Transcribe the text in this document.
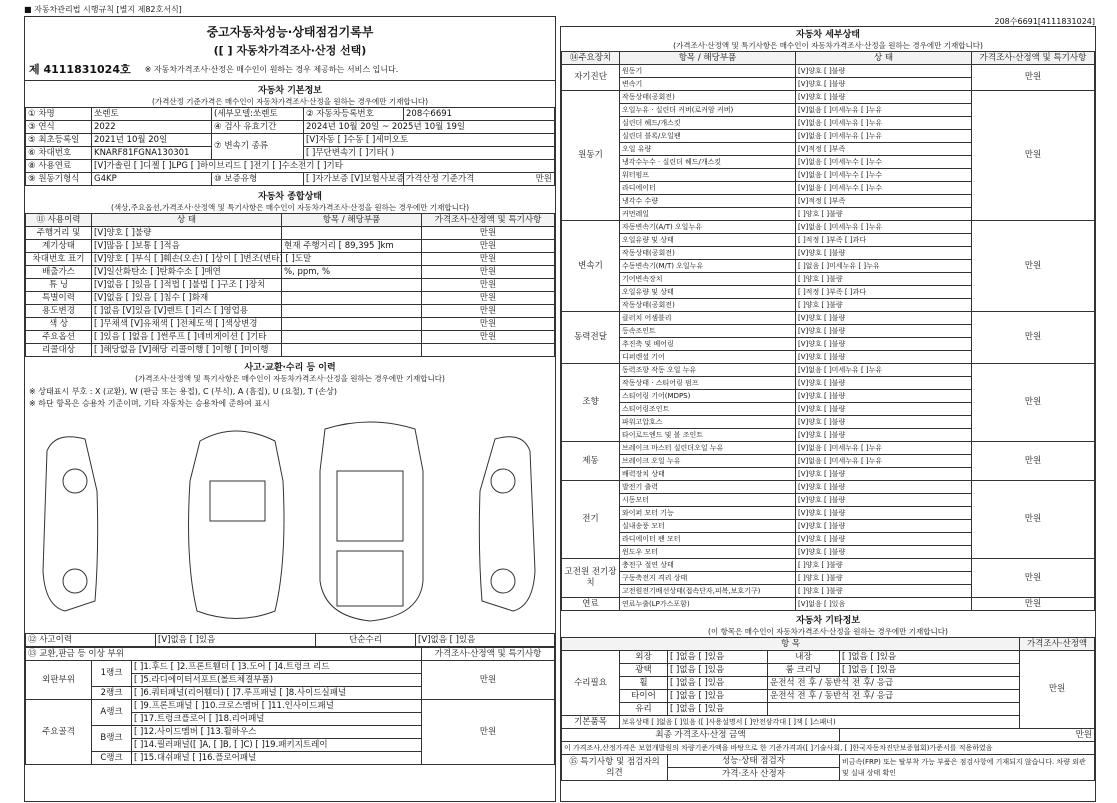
■ 자동차관리법 시행규칙 [별지 제82호서식]
208수6691[4111831024]
중고자동차성능·상태점검기록부
([ ] 자동차가격조사·산정 선택)
제 4111831024호 ※ 자동차가격조사·산정은 매수인이 원하는 경우 제공하는 서비스 입니다.
자동차 기본정보
(가격산정 기준가격은 매수인이 자동차가격조사·산정을 원하는 경우에만 기재합니다)
① 차명	쏘렌토	(세부모델:쏘렌토	② 자동차등록번호	208수6691
③ 연식	2022	④ 검사 유효기간	2024년 10월 20일 ~ 2025년 10월 19일	
⑤ 최초등록일	2021년 10월 20일	⑦ 변속기 종류	[V]자동 [ ]수동 [ ]세미오토	
⑥ 차대번호	KNARF81FGNA130301		[ ]무단변속기 [ ]기타( )	
⑧ 사용연료	[V]가솔린 [ ]디젤 [ ]LPG [ ]하이브리드 [ ]전기 [ ]수소전기 [ ]기타			
⑨ 원동기형식	G4KP	⑩ 보증유형	[ ]자가보증 [V]보험사보증	가격산정 기준가격 만원
자동차 종합상태
(색상,주요옵션,가격조사·산정액 및 특기사항은 매수인이 자동차가격조사·산정을 원하는 경우에만 기재합니다)
⑪ 사용이력	상 태	항목 / 해당부품	가격조사·산정액 및 특기사항
주행거리 및	[V]양호 [ ]불량		만원
계기상태	[V]많음 [ ]보통 [ ]적음	현재 주행거리 [ 89,395 ]km	만원
차대번호 표기	[V]양호 [ ]부식 [ ]훼손(오손) [ ]상이 [ ]변조(변타) [ ]도말		만원
배출가스	[V]일산화탄소 [ ]탄화수소 [ ]매연	%, ppm, %	만원
튜 닝	[V]없음 [ ]있음 [ ]적법 [ ]불법 [ ]구조 [ ]장치		만원
특별이력	[V]없음 [ ]있음 [ ]침수 [ ]화재		만원
용도변경	[ ]없음 [V]있음 [V]렌트 [ ]리스 [ ]영업용		만원
색 상	[ ]무채색 [V]유채색 [ ]전체도색 [ ]색상변경		만원
주요옵션	[ ]있음 [ ]없음 [ ]썬루프 [ ]네비게이션 [ ]기타		만원
리콜대상	[ ]해당없음 [V]해당 리콜이행 [ ]이행 [ ]미이행		
사고·교환·수리 등 이력
(가격조사·산정액 및 특기사항은 매수인이 자동차가격조사·산정을 원하는 경우에만 기재합니다)
※ 상태표시 부호 : X (교환), W (판금 또는 용접), C (부식), A (흠집), U (요철), T (손상)
※ 하단 항목은 승용차 기준이며, 기타 자동차는 승용차에 준하여 표시
⑫ 사고이력	[V]없음 [ ]있음	단순수리	[V]없음 [ ]있음
⑬ 교환,판금 등 이상 부위			가격조사·산정액 및 특기사항
외판부위	1랭크	[ ]1.후드 [ ]2.프론트휀더 [ ]3.도어 [ ]4.트렁크 리드	만원
		[ ]5.라디에이터서포트(볼트체결부품)	
	2랭크	[ ]6.쿼터패널(리어휀더) [ ]7.루프패널 [ ]8.사이드실패널	
주요골격	A랭크	[ ]9.프론트패널 [ ]10.크로스멤버 [ ]11.인사이드패널	만원
		[ ]17.트렁크플로어 [ ]18.리어패널	
	B랭크	[ ]12.사이드멤버 [ ]13.휠하우스	
		[ ]14.필러패널([ ]A, [ ]B, [ ]C) [ ]19.패키지트레이	
	C랭크	[ ]15.대쉬패널 [ ]16.플로어패널	
자동차 세부상태
(가격조사·산정액 및 특기사항은 매수인이 자동차가격조사·산정을 원하는 경우에만 기재합니다)
⑭주요장치	항목 / 해당부품	상 태	가격조사·산정액 및 특기사항
자기진단	원동기	[V]양호 [ ]불량	만원
	변속기	[V]양호 [ ]불량	
원동기	작동상태(공회전)	[V]양호 [ ]불량	만원
	오일누유 · 실린더 커버(로커암 커버)	[V]없음 [ ]미세누유 [ ]누유	
	실린더 헤드/개스킷	[V]없음 [ ]미세누유 [ ]누유	
	실린더 블록/오일팬	[V]없음 [ ]미세누유 [ ]누유	
	오일 유량	[V]적정 [ ]부족	
	냉각수누수 · 실린더 헤드/개스킷	[V]없음 [ ]미세누수 [ ]누수	
	워터펌프	[V]없음 [ ]미세누수 [ ]누수	
	라디에이터	[V]없음 [ ]미세누수 [ ]누수	
	냉각수 수량	[V]적정 [ ]부족	
	커먼레일	[ ]양호 [ ]불량	
변속기	자동변속기(A/T) 오일누유	[V]없음 [ ]미세누유 [ ]누유	만원
	오일유량 및 상태	[ ]적정 [ ]부족 [ ]과다	
	작동상태(공회전)	[V]양호 [ ]불량	
	수동변속기(M/T) 오일누유	[ ]없음 [ ]미세누유 [ ]누유	
	기어변속장치	[ ]양호 [ ]불량	
	오일유량 및 상태	[ ]적정 [ ]부족 [ ]과다	
	작동상태(공회전)	[ ]양호 [ ]불량	
동력전달	클러치 어셈블리	[V]양호 [ ]불량	만원
	등속조인트	[V]양호 [ ]불량	
	추진축 및 베어링	[V]양호 [ ]불량	
	디퍼렌셜 기어	[V]양호 [ ]불량	
조향	동력조향 작동 오일 누유	[V]없음 [ ]미세누유 [ ]누유	만원
	작동상태 · 스티어링 펌프	[V]양호 [ ]불량	
	스티어링 기어(MDPS)	[V]양호 [ ]불량	
	스티어링조인트	[V]양호 [ ]불량	
	파워고압호스	[V]양호 [ ]불량	
	타이로드엔드 및 볼 조인트	[V]양호 [ ]불량	
제동	브레이크 마스터 실린더오일 누유	[V]없음 [ ]미세누유 [ ]누유	만원
	브레이크 오일 누유	[V]없음 [ ]미세누유 [ ]누유	
	배력장치 상태	[V]양호 [ ]불량	
전기	발전기 출력	[V]양호 [ ]불량	만원
	시동모터	[V]양호 [ ]불량	
	와이퍼 모터 기능	[V]양호 [ ]불량	
	실내송풍 모터	[V]양호 [ ]불량	
	라디에이터 팬 모터	[V]양호 [ ]불량	
	윈도우 모터	[V]양호 [ ]불량	
고전원 전기장치	충전구 절연 상태	[ ]양호 [ ]불량	만원
	구동축전지 격리 상태	[ ]양호 [ ]불량	
	고전원전기배선상태(접속단자,피복,보호기구)	[ ]양호 [ ]불량	
연료	연료누출(LP가스포함)	[V]없음 [ ]있음	만원
자동차 기타정보
(이 항목은 매수인이 자동차가격조사·산정을 원하는 경우에만 기재합니다)
항 목					가격조사·산정액
수리필요	외장	[ ]없음 [ ]있음	내장	[ ]없음 [ ]있음	만원
	광택	[ ]없음 [ ]있음	룸 크리닝	[ ]없음 [ ]있음	
	휠	[ ]없음 [ ]있음	운전석 전 후 / 동반석 전 후/ 응급		
	타이어	[ ]없음 [ ]있음	운전석 전 후 / 동반석 전 후/ 응급		
	유리	[ ]없음 [ ]있음			
기본품목	보유상태 [ ]없음 [ ]있음 ([ ]사용설명서 [ ]안전삼각대 [ ]잭 [ ]스패너)				
최종 가격조사·산정 금액				만원	
이 가격조사,산정가격은 보험개발원의 차량기준가액을 바탕으로 한 기준가격과([ ]기술사회, [ ]한국자동차진단보증협회)가준서를 적용하였음					
⑮ 특기사항 및 점검자의 의견		성능·상태 점검자		비금속(FRP) 또는 탈부착 가능 부품은 점검사항에 기재되지 않습니다. 차량 외관 및 실내 상태 확인	
		가격·조사 산정자			
